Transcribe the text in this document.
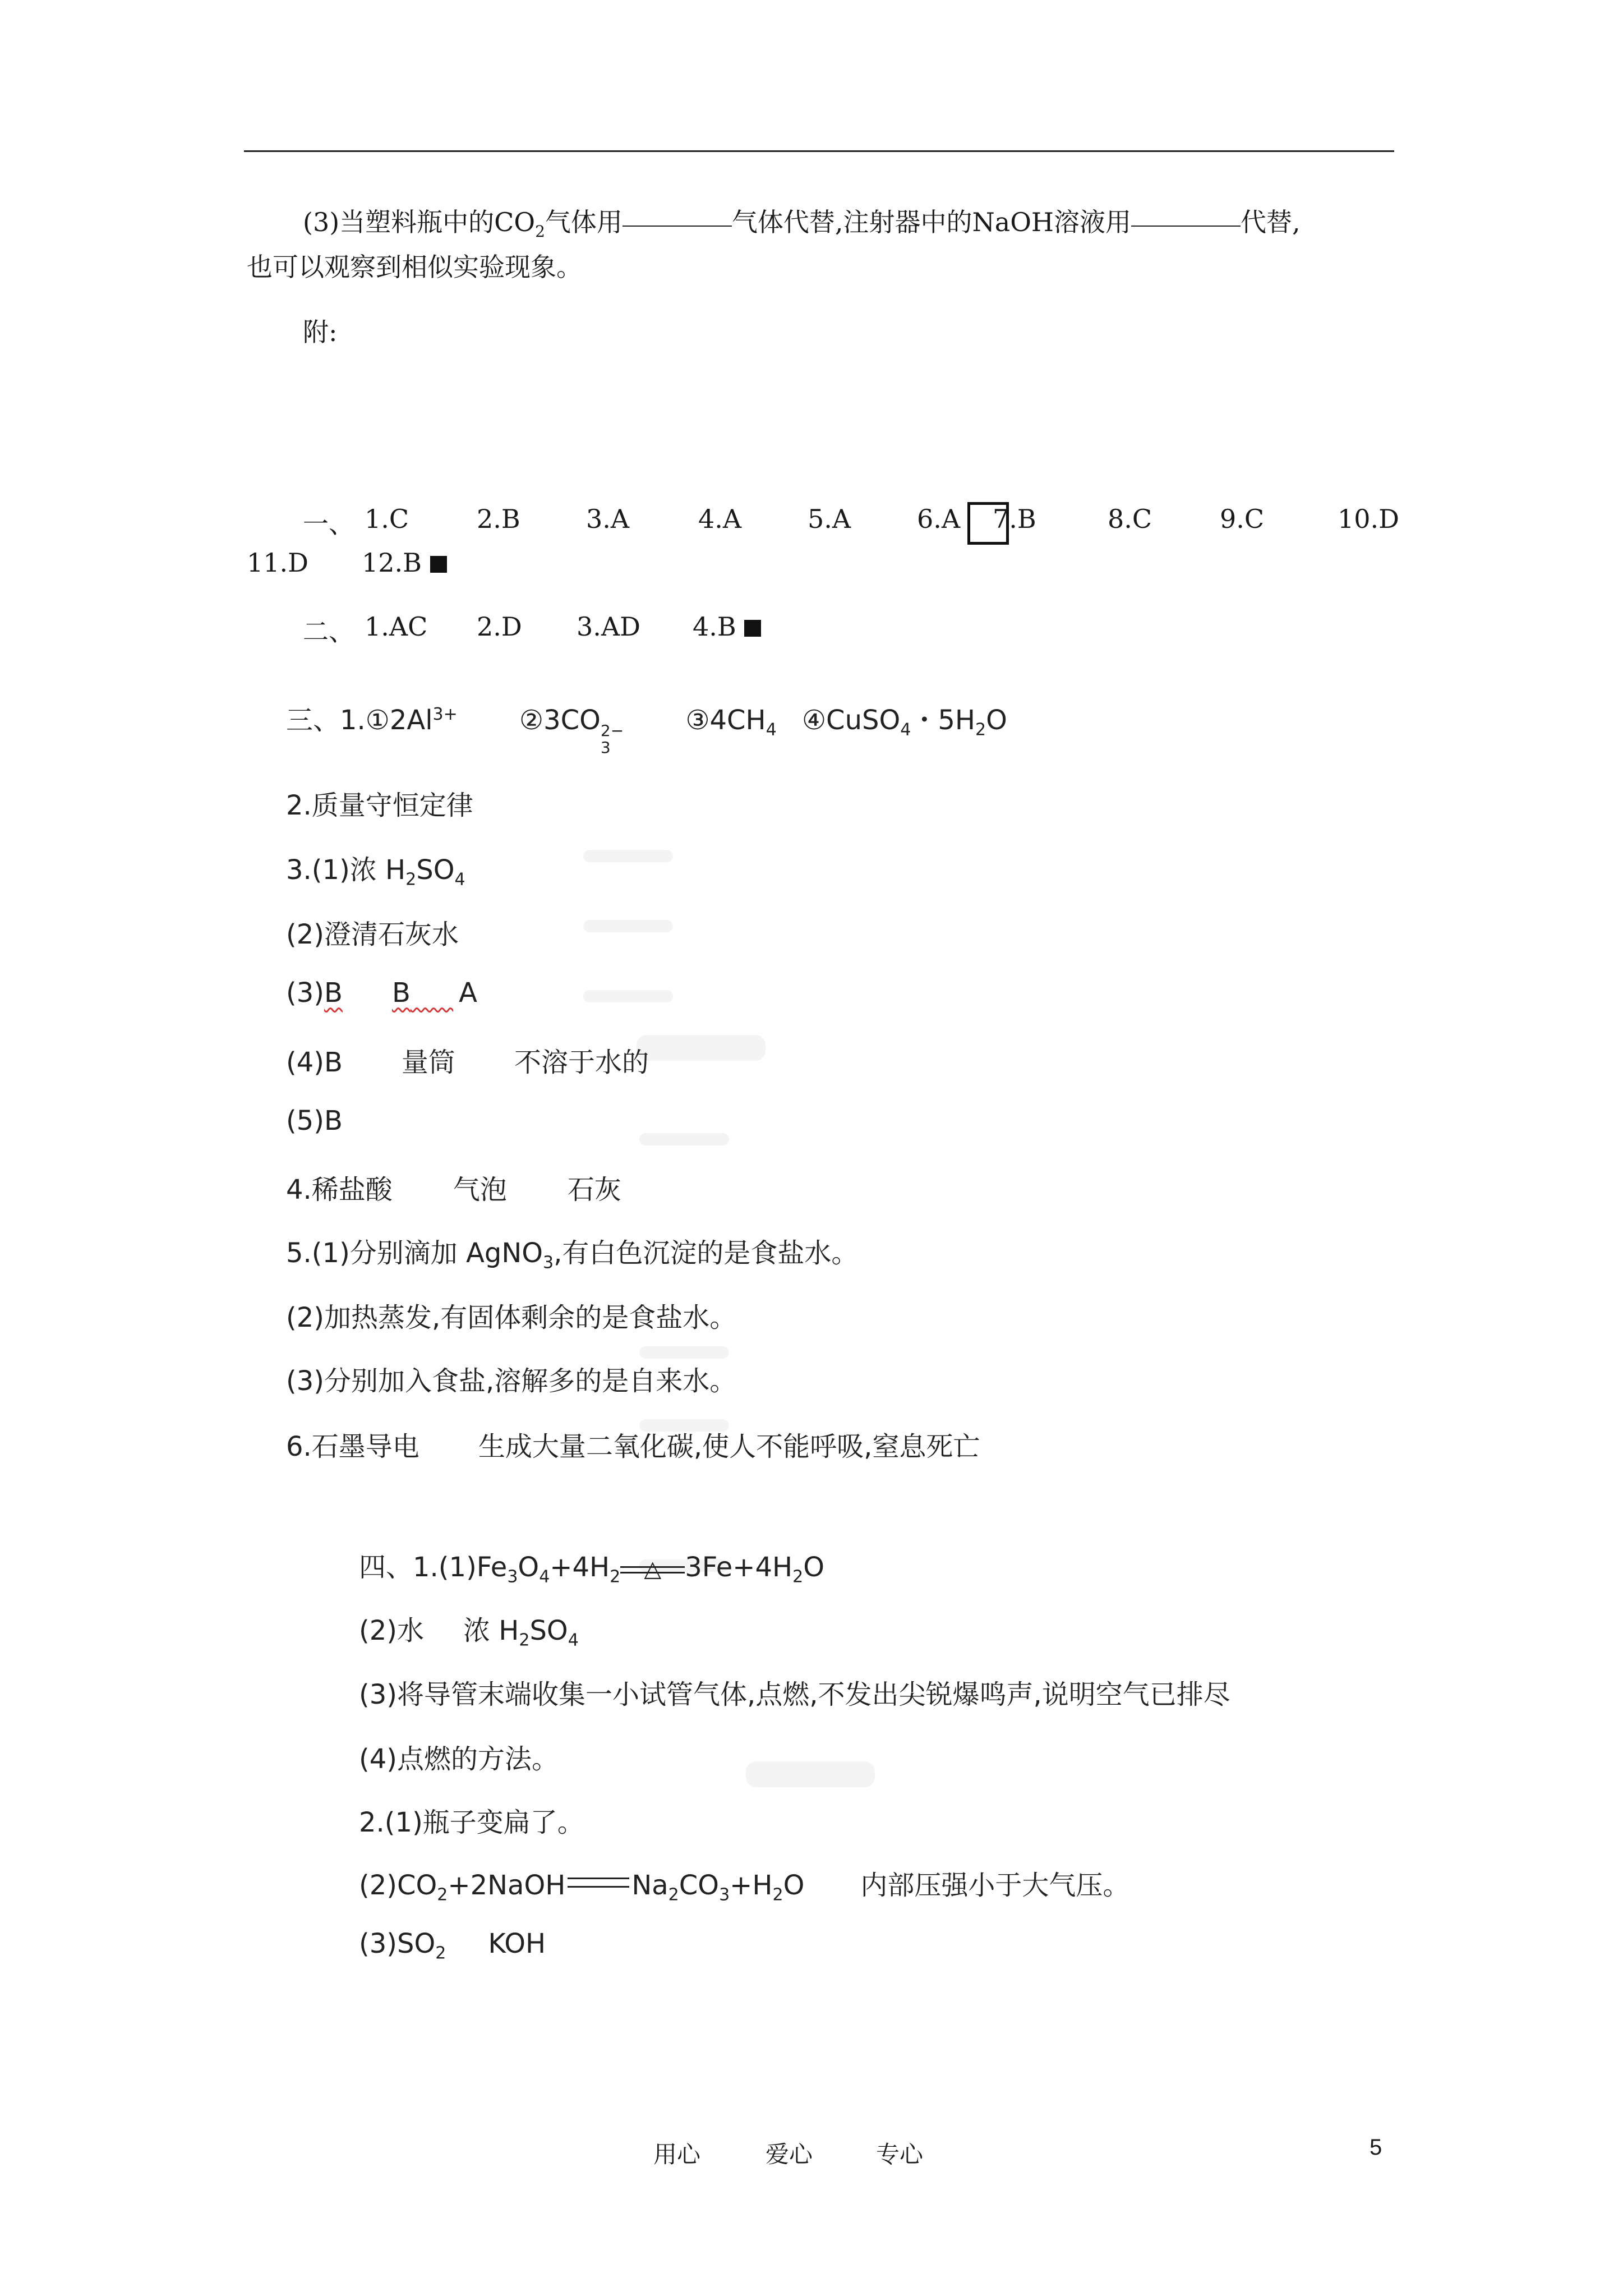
(3)当塑料瓶中的$CO_2$气体用	气体代替,注射器中的NaOH溶液用	代替,
也可以观察到相似实验现象。
附:
一、 1.C	2.B	3.A	4.A	5.A	6.A 7.B	8.C	9.C	10.D
11.D 12.B
二、 1.AC 2.D 3.AD 4.B
三、$1.①2Al^{3+}$ ②3CO 2−
3
$③4CH_4$ ④CuSO$_4$・$5H_2O$
2.质量守恒定律
3.(1)浓 $H_2SO_4$
(2)澄清石灰水
(3)B B A
(4)B 量筒 不溶于水的
(5)B
4.稀盐酸 气泡 石灰
5.(1)分别滴加 AgNO$_3$,有白色沉淀的是食盐水。
(2)加热蒸发,有固体剩余的是食盐水。
(3)分别加入食盐,溶解多的是自来水。
6.石墨导电 生成大量二氧化碳,使人不能呼吸,窒息死亡
四、$1.(1)Fe_3O_4+4H_2$ △ $3Fe+4H_2O$
(2)水 浓 $H_2SO_4$
(3)将导管末端收集一小试管气体,点燃,不发出尖锐爆鸣声,说明空气已排尽
(4)点燃的方法。
2.(1)瓶子变扁了。
$(2)CO_2+2NaOH$ $Na_2CO_3+H_2O$ 内部压强小于大气压。
$(3)SO_2$ KOH
用心	爱心	专心	5
